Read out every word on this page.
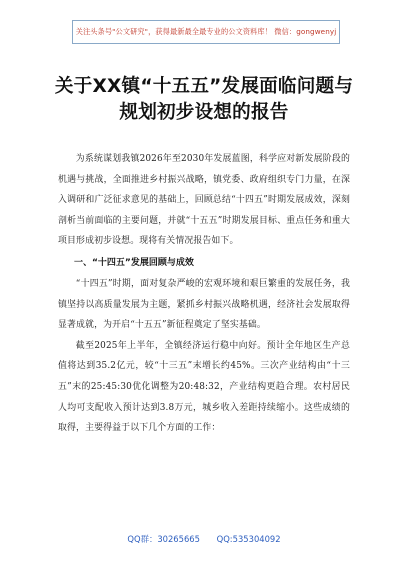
关注头条号"公文研究"，获得最新最全最专业的公文资料库！ 微信：gongwenyj
关于XX镇“十五五”发展面临问题与
规划初步设想的报告

为系统谋划我镇2026年至2030年发展蓝图，科学应对新发展阶段的机遇与挑战，全面推进乡村振兴战略，镇党委、政府组织专门力量，在深入调研和广泛征求意见的基础上，回顾总结“十四五”时期发展成效，深刻剖析当前面临的主要问题，并就“十五五”时期发展目标、重点任务和重大项目形成初步设想。现将有关情况报告如下。

一、“十四五”发展回顾与成效

“十四五”时期，面对复杂严峻的宏观环境和艰巨繁重的发展任务，我镇坚持以高质量发展为主题，紧抓乡村振兴战略机遇，经济社会发展取得显著成就，为开启“十五五”新征程奠定了坚实基础。

截至2025年上半年，全镇经济运行稳中向好。预计全年地区生产总值将达到35.2亿元，较“十三五”末增长约45%。三次产业结构由“十三五”末的25:45:30优化调整为20:48:32，产业结构更趋合理。农村居民人均可支配收入预计达到3.8万元，城乡收入差距持续缩小。这些成绩的取得，主要得益于以下几个方面的工作：

QQ群：30265665 QQ:535304092
